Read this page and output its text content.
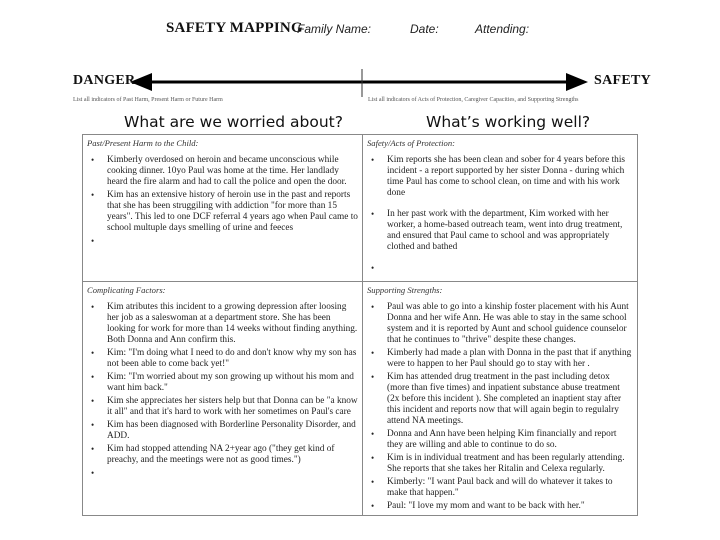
SAFETY MAPPING
Family Name:	Date:	Attending:
DANGER	SAFETY
List all indicators of Past Harm, Present Harm or Future Harm	List all indicators of Acts of Protection, Caregiver Capacities, and Supporting Strengths
What are we worried about?	What’s working well?
Past/Present Harm to the Child:
• Kimberly overdosed on heroin and became unconscious while cooking dinner. 10yo Paul was home at the time. Her landlady heard the fire alarm and had to call the police and open the door.
• Kim has an extensive history of heroin use in the past and reports that she has been struggiling with addiction "for more than 15 years". This led to one DCF referral 4 years ago when Paul came to school multuple days smelling of urine and feeces
•
Safety/Acts of Protection:
• Kim reports she has been clean and sober for 4 years before this incident - a report supported by her sister Donna - during which time Paul has come to school clean, on time and with his work done
• In her past work with the department, Kim worked with her worker, a home-based outreach team, went into drug treatment, and ensured that Paul came to school and was appropriately clothed and bathed
•
Complicating Factors:
• Kim atributes this incident to a growing depression after loosing her job as a saleswoman at a department store. She has been looking for work for more than 14 weeks without finding anything. Both Donna and Ann confirm this.
• Kim: "I'm doing what I need to do and don't know why my son has not been able to come back yet!"
• Kim: "I'm worried about my son growing up without his mom and want him back."
• Kim she appreciates her sisters help but that Donna can be "a know it all" and that it's hard to work with her sometimes on Paul's care
• Kim has been diagnosed with Borderline Personality Disorder, and ADD.
• Kim had stopped attending NA 2+year ago ("they get kind of preachy, and the meetings were not as good times.")
•
Supporting Strengths:
• Paul was able to go into a kinship foster placement with his Aunt Donna and her wife Ann. He was able to stay in the same school system and it is reported by Aunt and school guidence counselor that he continues to "thrive" despite these changes.
• Kimberly had made a plan with Donna in the past that if anything were to happen to her Paul should go to stay with her .
• Kim has attended drug treatment in the past including detox (more than five times) and inpatient substance abuse treatment (2x before this incident ). She completed an inaptient stay after this incident and reports now that will again begin to regulalry attend NA meetings.
• Donna and Ann have been helping Kim financially and report they are willing and able to continue to do so.
• Kim is in individual treatment and has been regularly attending. She reports that she takes her Ritalin and Celexa regularly.
• Kimberly: "I want Paul back and will do whatever it takes to make that happen."
• Paul: "I love my mom and want to be back with her."
